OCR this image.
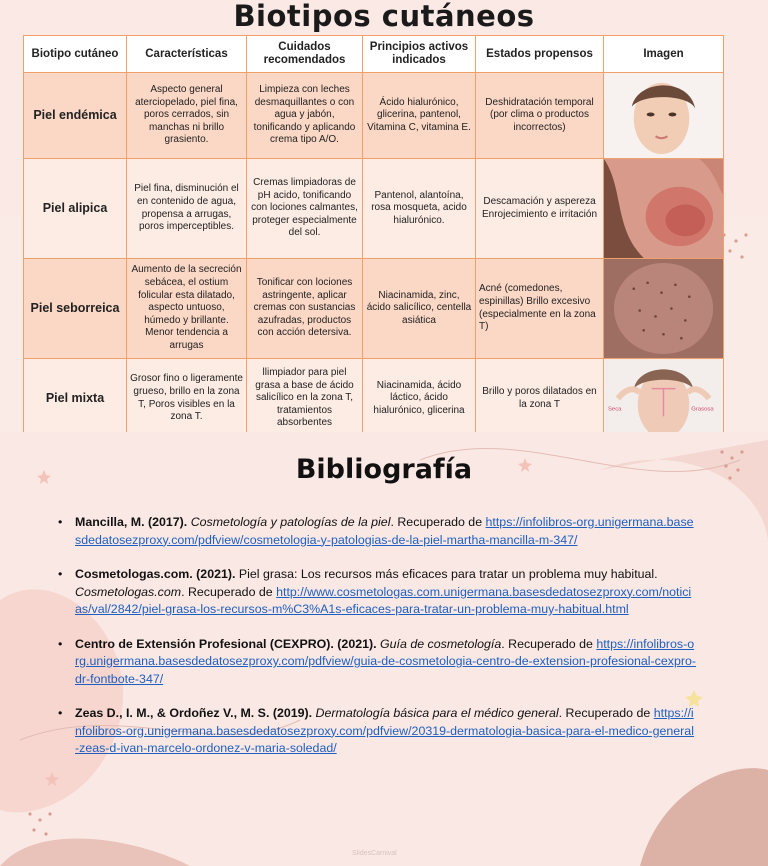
Biotipos cutáneos
Biotipo cutáneo	Características	Cuidados recomendados	Principios activos indicados	Estados propensos	Imagen
Piel endémica	Aspecto general aterciopelado, piel fina, poros cerrados, sin manchas ni brillo grasiento.	Limpieza con leches desmaquillantes o con agua y jabón, tonificando y aplicando crema tipo A/O.	Ácido hialurónico, glicerina, pantenol, Vitamina C, vitamina E.	Deshidratación temporal (por clima o productos incorrectos)	

Piel alipica	Piel fina, disminución el en contenido de agua, propensa a arrugas, poros imperceptibles.	Cremas limpiadoras de pH acido, tonificando con lociones calmantes, proteger especialmente del sol.	Pantenol, alantoína, rosa mosqueta, acido hialurónico.	Descamación y aspereza Enrojecimiento e irritación	

Piel seborreica	Aumento de la secreción sebácea, el ostium folicular esta dilatado, aspecto untuoso, húmedo y brillante. Menor tendencia a arrugas	Tonificar con lociones astringente, aplicar cremas con sustancias azufradas, productos con acción detersiva.	Niacinamida, zinc, ácido salicílico, centella asiática	Acné (comedones, espinillas) Brillo excesivo (especialmente en la zona T)	

Piel mixta	Grosor fino o ligeramente grueso, brillo en la zona T, Poros visibles en la zona T.	llimpiador para piel grasa a base de ácido salicílico en la zona T, tratamientos absorbentes	Niacinamida, ácido láctico, ácido hialurónico, glicerina	Brillo y poros dilatados en la zona T	Seca Grasosa
Bibliografía
• Mancilla, M. (2017). Cosmetología y patologías de la piel. Recuperado de https://infolibros-org.unigermana.basesdedatosezproxy.com/pdfview/cosmetologia-y-patologias-de-la-piel-martha-mancilla-m-347/
• Cosmetologas.com. (2021). Piel grasa: Los recursos más eficaces para tratar un problema muy habitual. Cosmetologas.com. Recuperado de http://www.cosmetologas.com.unigermana.basesdedatosezproxy.com/noticias/val/2842/piel-grasa-los-recursos-m%C3%A1s-eficaces-para-tratar-un-problema-muy-habitual.html
• Centro de Extensión Profesional (CEXPRO). (2021). Guía de cosmetología. Recuperado de https://infolibros-org.unigermana.basesdedatosezproxy.com/pdfview/guia-de-cosmetologia-centro-de-extension-profesional-cexpro-dr-fontbote-347/
• Zeas D., I. M., & Ordoñez V., M. S. (2019). Dermatología básica para el médico general. Recuperado de https://infolibros-org.unigermana.basesdedatosezproxy.com/pdfview/20319-dermatologia-basica-para-el-medico-general-zeas-d-ivan-marcelo-ordonez-v-maria-soledad/
SlidesCarnival
